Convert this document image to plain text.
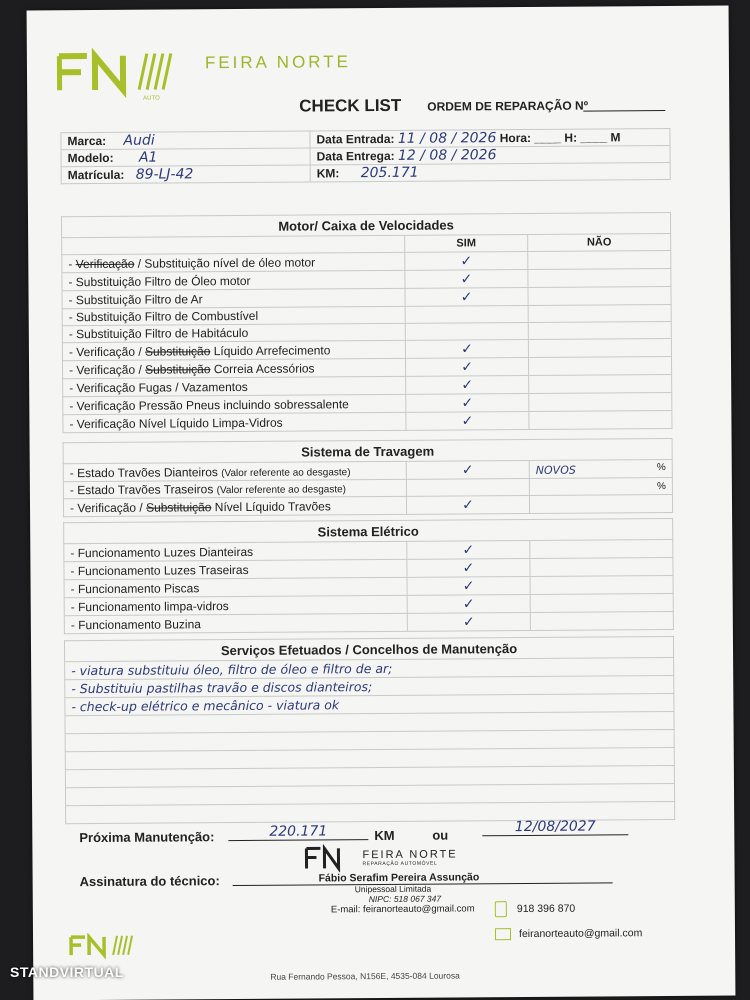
AUTO
FEIRA NORTE
CHECK LIST ORDEM DE REPARAÇÃO Nº
Marca: Audi	Data Entrada: 11 / 08 / 2026 Hora: ____ H: ____ M
Modelo: A1	Data Entrega: 12 / 08 / 2026
Matrícula: 89-LJ-42	KM: 205.171
Motor/ Caixa de Velocidades		
	SIM	NÃO
- Verificação / Substituição nível de óleo motor	✓	
- Substituição Filtro de Óleo motor	✓	
- Substituição Filtro de Ar	✓	
- Substituição Filtro de Combustível		
- Substituição Filtro de Habitáculo		
- Verificação / Substituição Líquido Arrefecimento	✓	
- Verificação / Substituição Correia Acessórios	✓	
- Verificação Fugas / Vazamentos	✓	
- Verificação Pressão Pneus incluindo sobressalente	✓	
- Verificação Nível Líquido Limpa-Vidros	✓	
Sistema de Travagem		
- Estado Travões Dianteiros (Valor referente ao desgaste)	✓	NOVOS %

- Estado Travões Traseiros (Valor referente ao desgaste)		%
- Verificação / Substituição Nível Líquido Travões	✓	
Sistema Elétrico		
- Funcionamento Luzes Dianteiras	✓	
- Funcionamento Luzes Traseiras	✓	
- Funcionamento Piscas	✓	
- Funcionamento limpa-vidros	✓	
- Funcionamento Buzina	✓	
Serviços Efetuados / Concelhos de Manutenção
- viatura substituiu óleo, filtro de óleo e filtro de ar;
- Substituiu pastilhas travão e discos dianteiros;
- check-up elétrico e mecânico - viatura ok

Próxima Manutenção:	220.171	KM	ou
12/08/2027
Assinatura do técnico:
FEIRA NORTE
REPARAÇÃO AUTOMÓVEL
Fábio Serafim Pereira Assunção
Unipessoal Limitada
NIPC: 518 067 347
E-mail: feiranorteauto@gmail.com	918 396 870
feiranorteauto@gmail.com
Rua Fernando Pessoa, N156E, 4535-084 Lourosa
STANDVIRTUAL
